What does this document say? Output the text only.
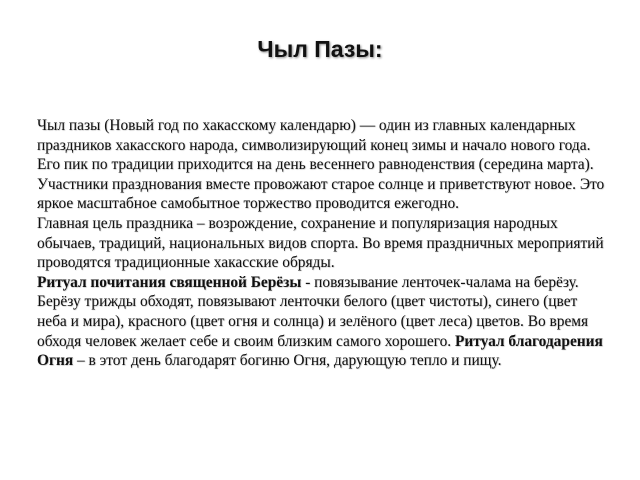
Чыл Пазы:

Чыл пазы (Новый год по хакасскому календарю) — один из главных календарных праздников хакасского народа, символизирующий конец зимы и начало нового года. Его пик по традиции приходится на день весеннего равноденствия (середина марта). Участники празднования вместе провожают старое солнце и приветствуют новое. Это яркое масштабное самобытное торжество проводится ежегодно.

Главная цель праздника – возрождение, сохранение и популяризация народных обычаев, традиций, национальных видов спорта. Во время праздничных мероприятий проводятся традиционные хакасские обряды.

Ритуал почитания священной Берёзы - повязывание ленточек-чалама на берёзу. Берёзу трижды обходят, повязывают ленточки белого (цвет чистоты), синего (цвет неба и мира), красного (цвет огня и солнца) и зелёного (цвет леса) цветов. Во время обходя человек желает себе и своим близким самого хорошего. Ритуал благодарения Огня – в этот день благодарят богиню Огня, дарующую тепло и пищу.
